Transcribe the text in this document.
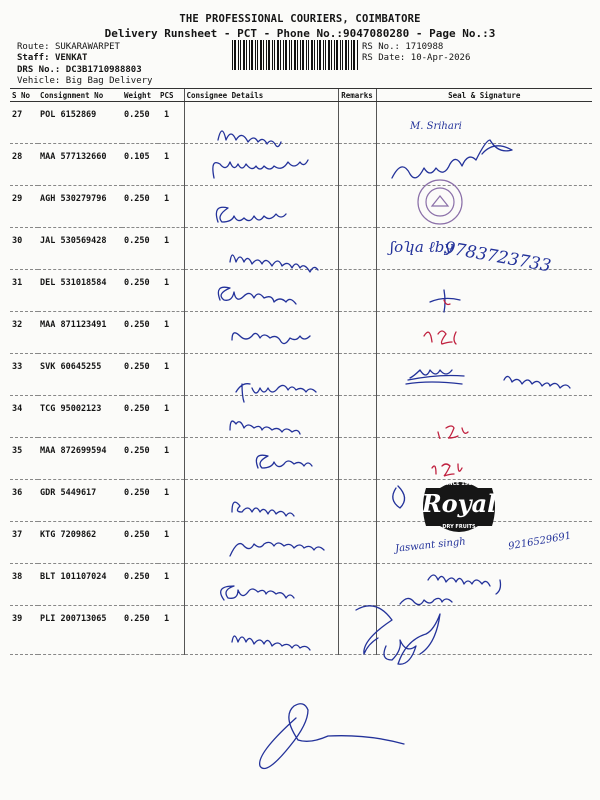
THE PROFESSIONAL COURIERS, COIMBATORE
Delivery Runsheet - PCT - Phone No.:9047080280 - Page No.:3
Route: SUKARAWARPET
Staff: VENKAT
DRS No.: DC3B1710988803
Vehicle: Big Bag Delivery
RS No.: 1710988
RS Date: 10-Apr-2026
S No	Consignment No	Weight	PCS	Consignee Details	Remarks	Seal & Signature
27	POL 6152869	0.250	1			
28	MAA 577132660	0.105	1			
29	AGH 530279796	0.250	1			
30	JAL 530569428	0.250	1			
31	DEL 531018584	0.250	1			
32	MAA 871123491	0.250	1			
33	SVK 60645255	0.250	1			
34	TCG 95002123	0.250	1			
35	MAA 872699594	0.250	1			
36	GDR 5449617	0.250	1			
37	KTG 7209862	0.250	1			
38	BLT 101107024	0.250	1			
39	PLI 200713065	0.250	1			
M. Srihari
9783723733
ʃoʮa ℓby
Jaswant singh	9216529691
SINCE 1982
Royal
DRY FRUITS
